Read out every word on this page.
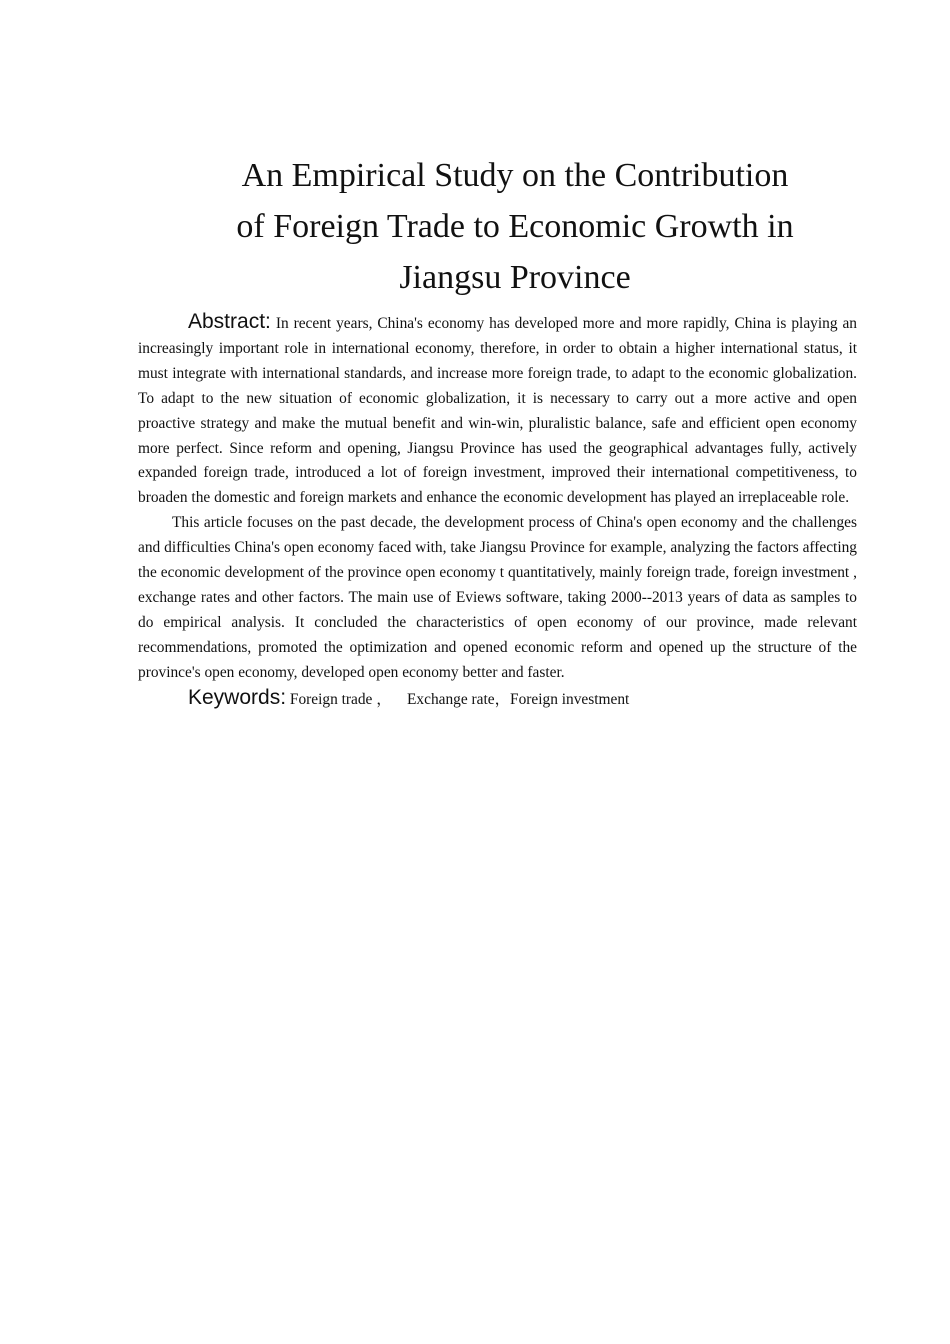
An Empirical Study on the Contribution
of Foreign Trade to Economic Growth in
Jiangsu Province

Abstract: In recent years, China's economy has developed more and more rapidly, China is playing an increasingly important role in international economy, therefore, in order to obtain a higher international status, it must integrate with international standards, and increase more foreign trade, to adapt to the economic globalization. To adapt to the new situation of economic globalization, it is necessary to carry out a more active and open proactive strategy and make the mutual benefit and win-win, pluralistic balance, safe and efficient open economy more perfect. Since reform and opening, Jiangsu Province has used the geographical advantages fully, actively expanded foreign trade, introduced a lot of foreign investment, improved their international competitiveness, to broaden the domestic and foreign markets and enhance the economic development has played an irreplaceable role.

This article focuses on the past decade, the development process of China's open economy and the challenges and difficulties China's open economy faced with, take Jiangsu Province for example, analyzing the factors affecting the economic development of the province open economy t quantitatively, mainly foreign trade, foreign investment , exchange rates and other factors. The main use of Eviews software, taking 2000--2013 years of data as samples to do empirical analysis. It concluded the characteristics of open economy of our province, made relevant recommendations, promoted the optimization and opened economic reform and opened up the structure of the province's open economy, developed open economy better and faster.

Keywords: Foreign trade ，    Exchange rate，Foreign investment
